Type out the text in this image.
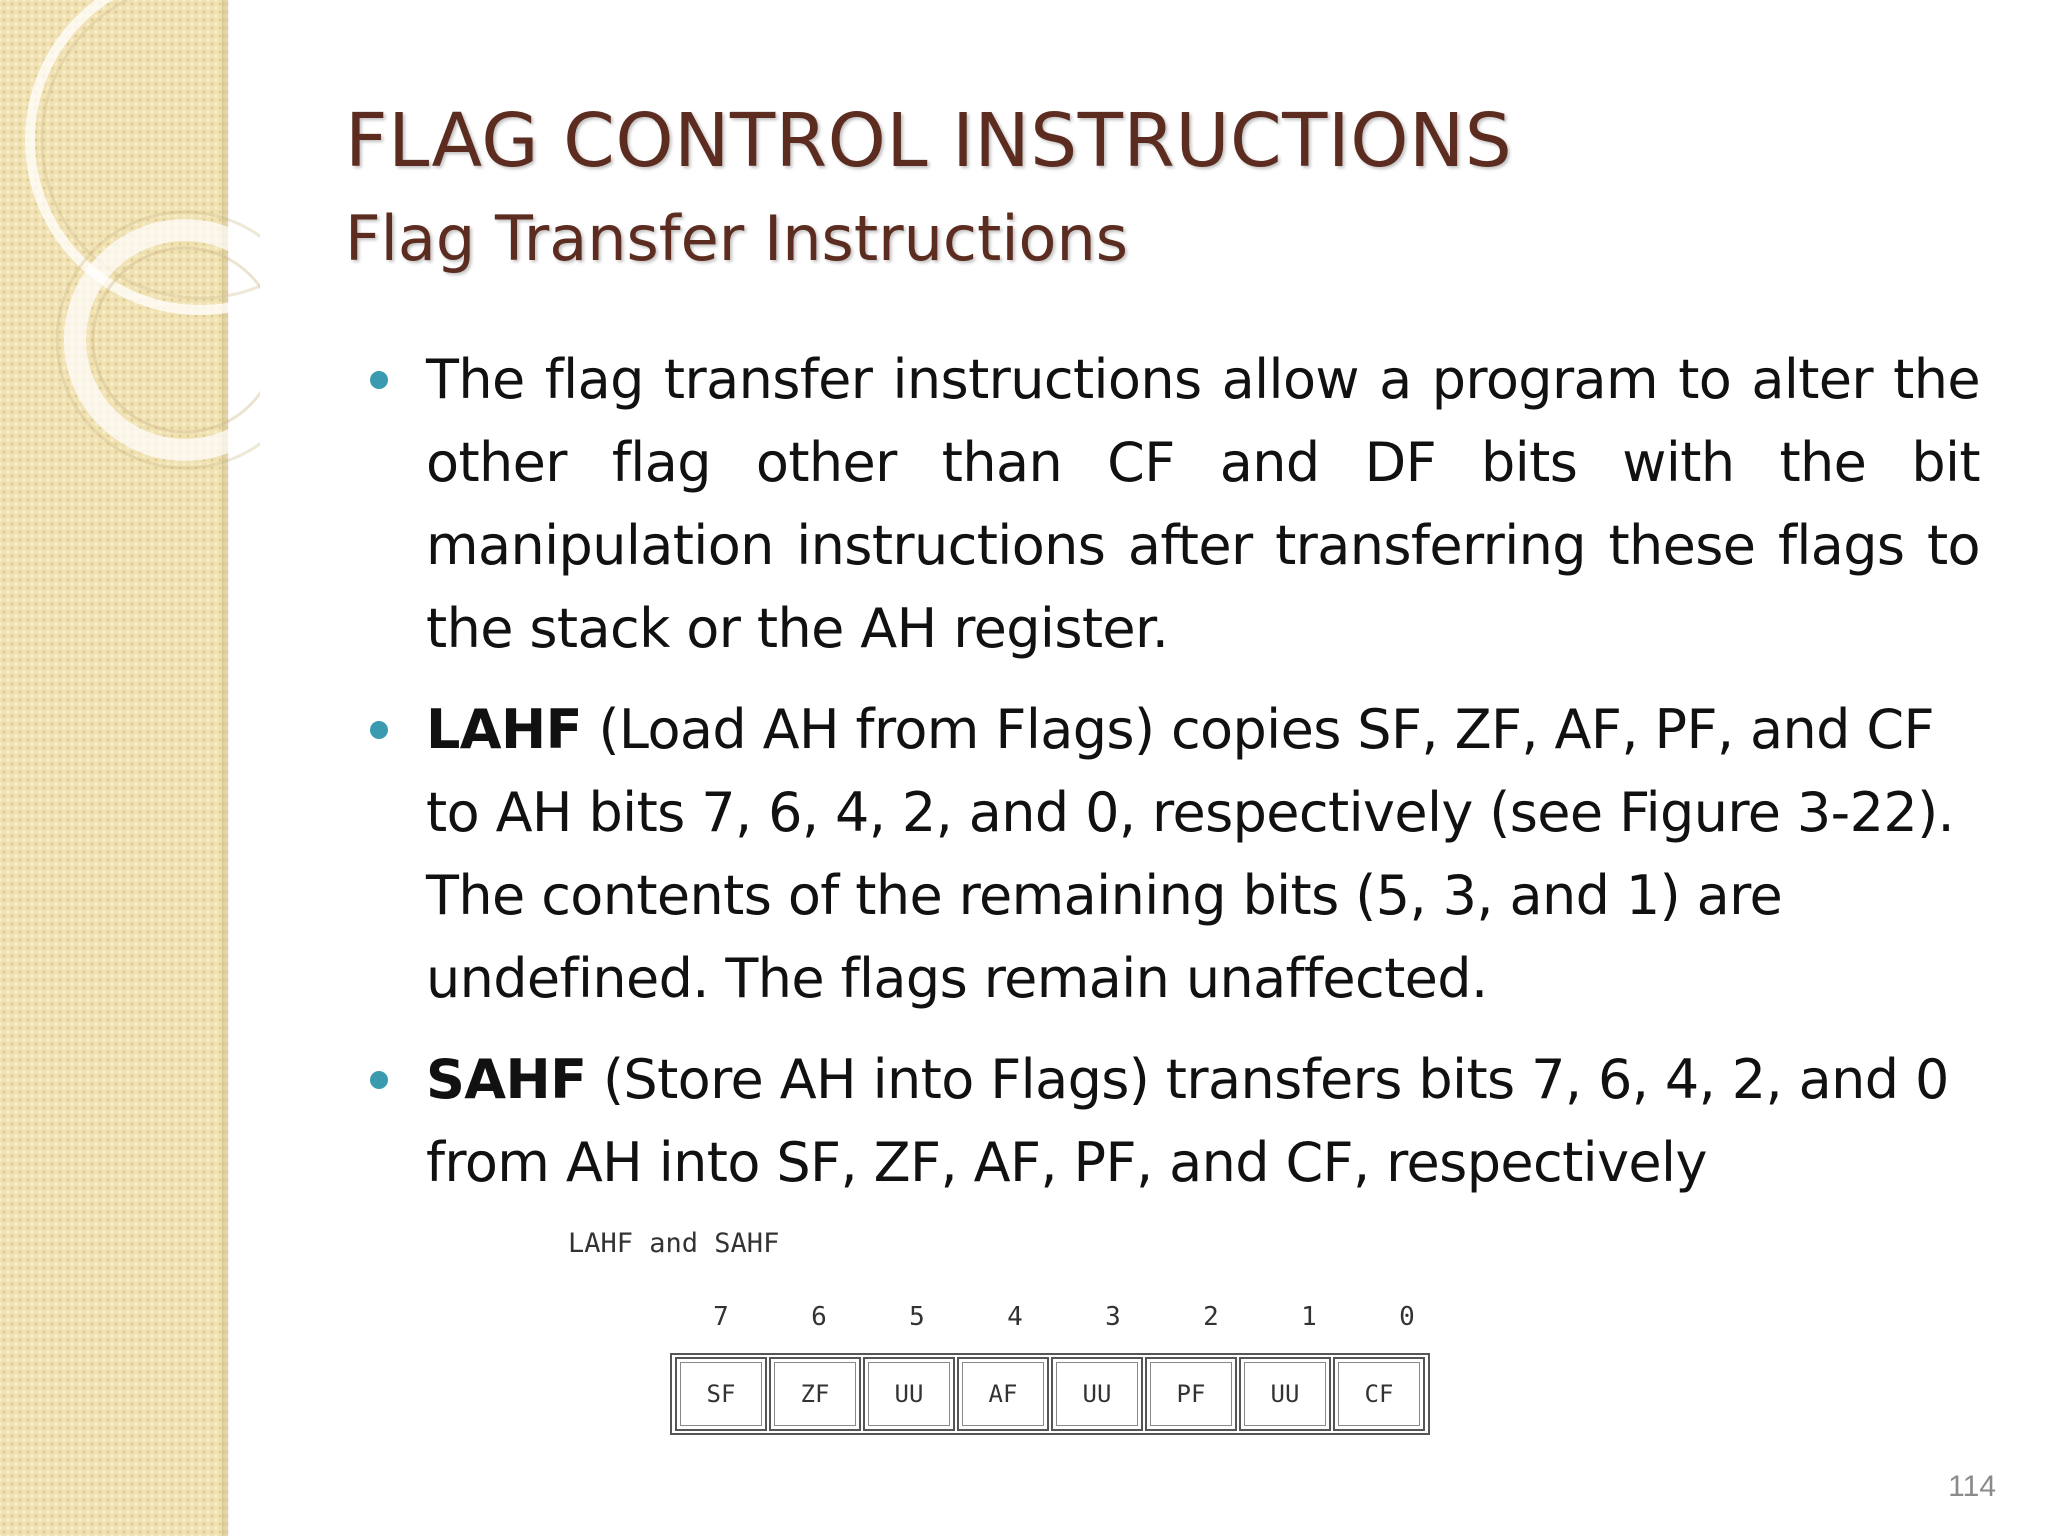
FLAG CONTROL INSTRUCTIONS
Flag Transfer Instructions
The flag transfer instructions allow a program to alter the other flag other than CF and DF bits with the bit manipulation instructions after transferring these flags to the stack or the AH register.
LAHF (Load AH from Flags) copies SF, ZF, AF, PF, and CF to AH bits 7, 6, 4, 2, and 0, respectively (see Figure 3-22). The contents of the remaining bits (5, 3, and 1) are undefined. The flags remain unaffected.
SAHF (Store AH into Flags) transfers bits 7, 6, 4, 2, and 0 from AH into SF, ZF, AF, PF, and CF, respectively
LAHF and SAHF
7	6	5	4	3	2	1	0
SF	ZF	UU	AF	UU	PF	UU	CF
114
